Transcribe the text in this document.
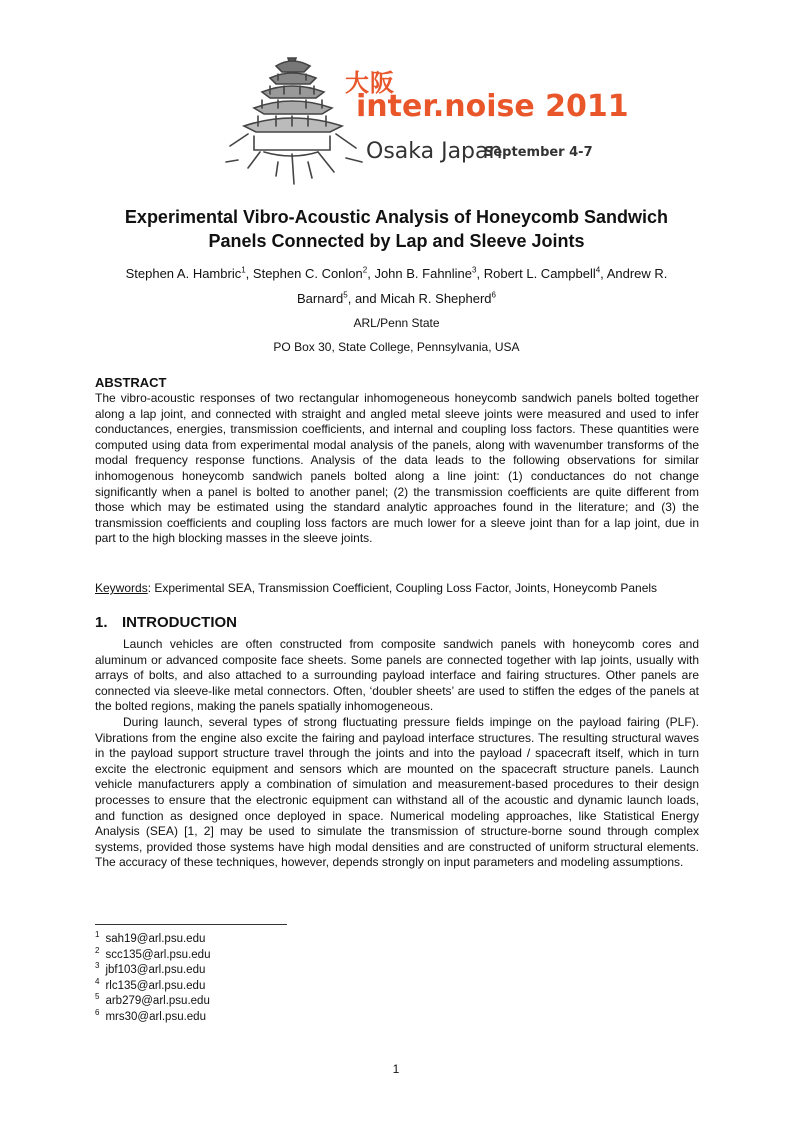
大阪
inter.noise 2011
Osaka Japan
September 4-7
Experimental Vibro-Acoustic Analysis of Honeycomb Sandwich
Panels Connected by Lap and Sleeve Joints
Stephen A. Hambric$^1$, Stephen C. Conlon$^2$, John B. Fahnline$^3$, Robert L. Campbell$^4$, Andrew R.
Barnard$^5$, and Micah R. Shepherd$^6$
ARL/Penn State
PO Box 30, State College, Pennsylvania, USA
ABSTRACT
The vibro-acoustic responses of two rectangular inhomogeneous honeycomb sandwich panels bolted together along a lap joint, and connected with straight and angled metal sleeve joints were measured and used to infer conductances, energies, transmission coefficients, and internal and coupling loss factors. These quantities were computed using data from experimental modal analysis of the panels, along with wavenumber transforms of the modal frequency response functions. Analysis of the data leads to the following observations for similar inhomogenous honeycomb sandwich panels bolted along a line joint: (1) conductances do not change significantly when a panel is bolted to another panel; (2) the transmission coefficients are quite different from those which may be estimated using the standard analytic approaches found in the literature; and (3) the transmission coefficients and coupling loss factors are much lower for a sleeve joint than for a lap joint, due in part to the high blocking masses in the sleeve joints.
Keywords: Experimental SEA, Transmission Coefficient, Coupling Loss Factor, Joints, Honeycomb Panels
1. INTRODUCTION

Launch vehicles are often constructed from composite sandwich panels with honeycomb cores and aluminum or advanced composite face sheets. Some panels are connected together with lap joints, usually with arrays of bolts, and also attached to a surrounding payload interface and fairing structures. Other panels are connected via sleeve-like metal connectors. Often, ‘doubler sheets’ are used to stiffen the edges of the panels at the bolted regions, making the panels spatially inhomogeneous.

During launch, several types of strong fluctuating pressure fields impinge on the payload fairing (PLF). Vibrations from the engine also excite the fairing and payload interface structures. The resulting structural waves in the payload support structure travel through the joints and into the payload / spacecraft itself, which in turn excite the electronic equipment and sensors which are mounted on the spacecraft structure panels. Launch vehicle manufacturers apply a combination of simulation and measurement-based procedures to their design processes to ensure that the electronic equipment can withstand all of the acoustic and dynamic launch loads, and function as designed once deployed in space. Numerical modeling approaches, like Statistical Energy Analysis (SEA) [1, 2] may be used to simulate the transmission of structure-borne sound through complex systems, provided those systems have high modal densities and are constructed of uniform structural elements. The accuracy of these techniques, however, depends strongly on input parameters and modeling assumptions.

$^1$ sah19@arl.psu.edu
$^2$ scc135@arl.psu.edu
$^3$ jbf103@arl.psu.edu
$^4$ rlc135@arl.psu.edu
$^5$ arb279@arl.psu.edu
$^6$ mrs30@arl.psu.edu
1
